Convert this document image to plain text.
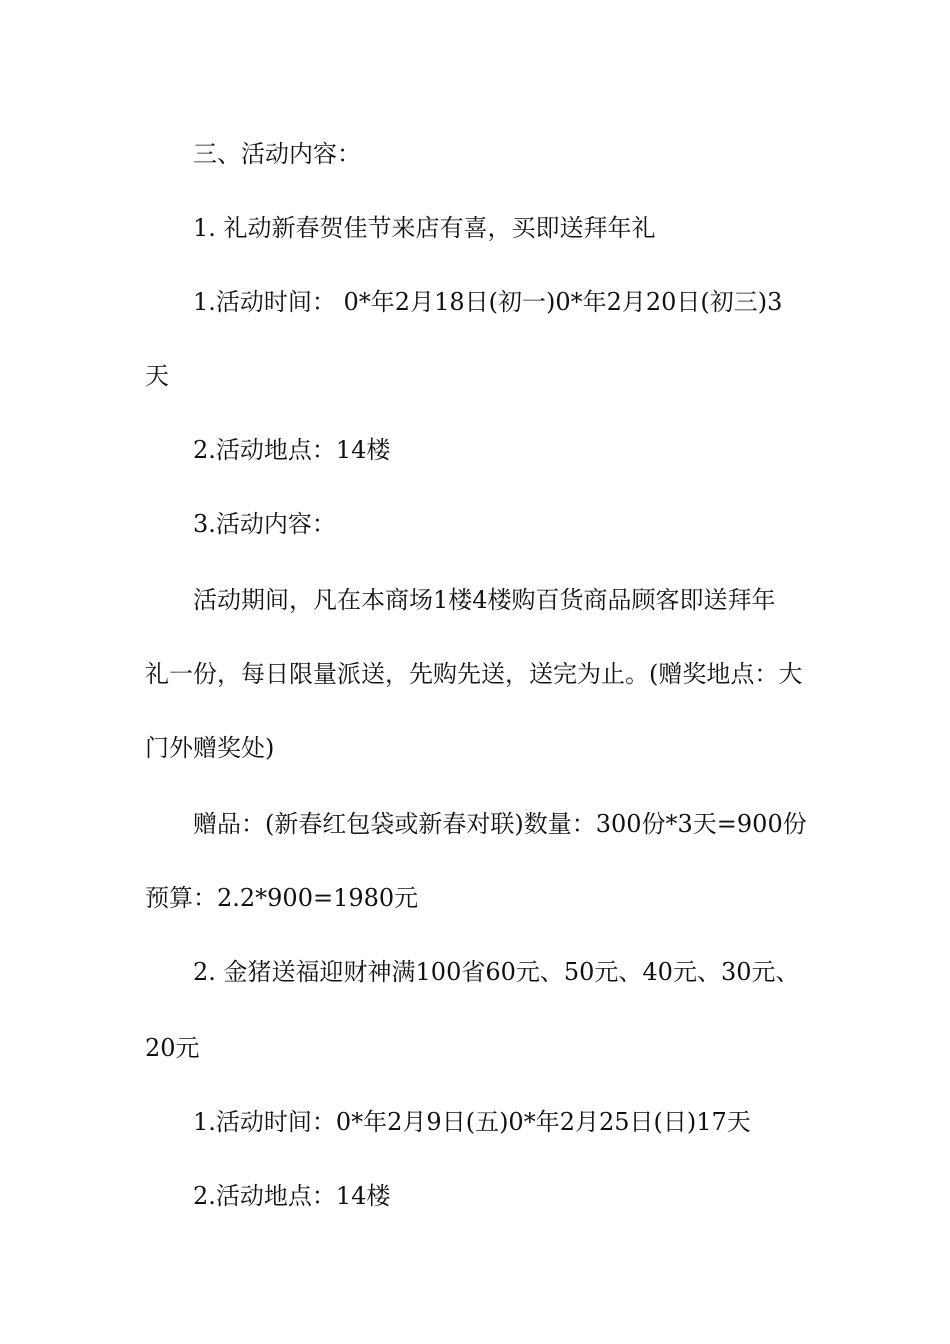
三、活动内容：
1. 礼动新春贺佳节来店有喜，买即送拜年礼
1.活动时间： 0*年2月18日(初一)0*年2月20日(初三)3
天
2.活动地点：14楼
3.活动内容：
活动期间，凡在本商场1楼4楼购百货商品顾客即送拜年
礼一份，每日限量派送，先购先送，送完为止。(赠奖地点：大
门外赠奖处)
赠品：(新春红包袋或新春对联)数量：300份*3天=900份
预算：2.2*900=1980元
2. 金猪送福迎财神满100省60元、50元、40元、30元、
20元
1.活动时间：0*年2月9日(五)0*年2月25日(日)17天
2.活动地点：14楼
